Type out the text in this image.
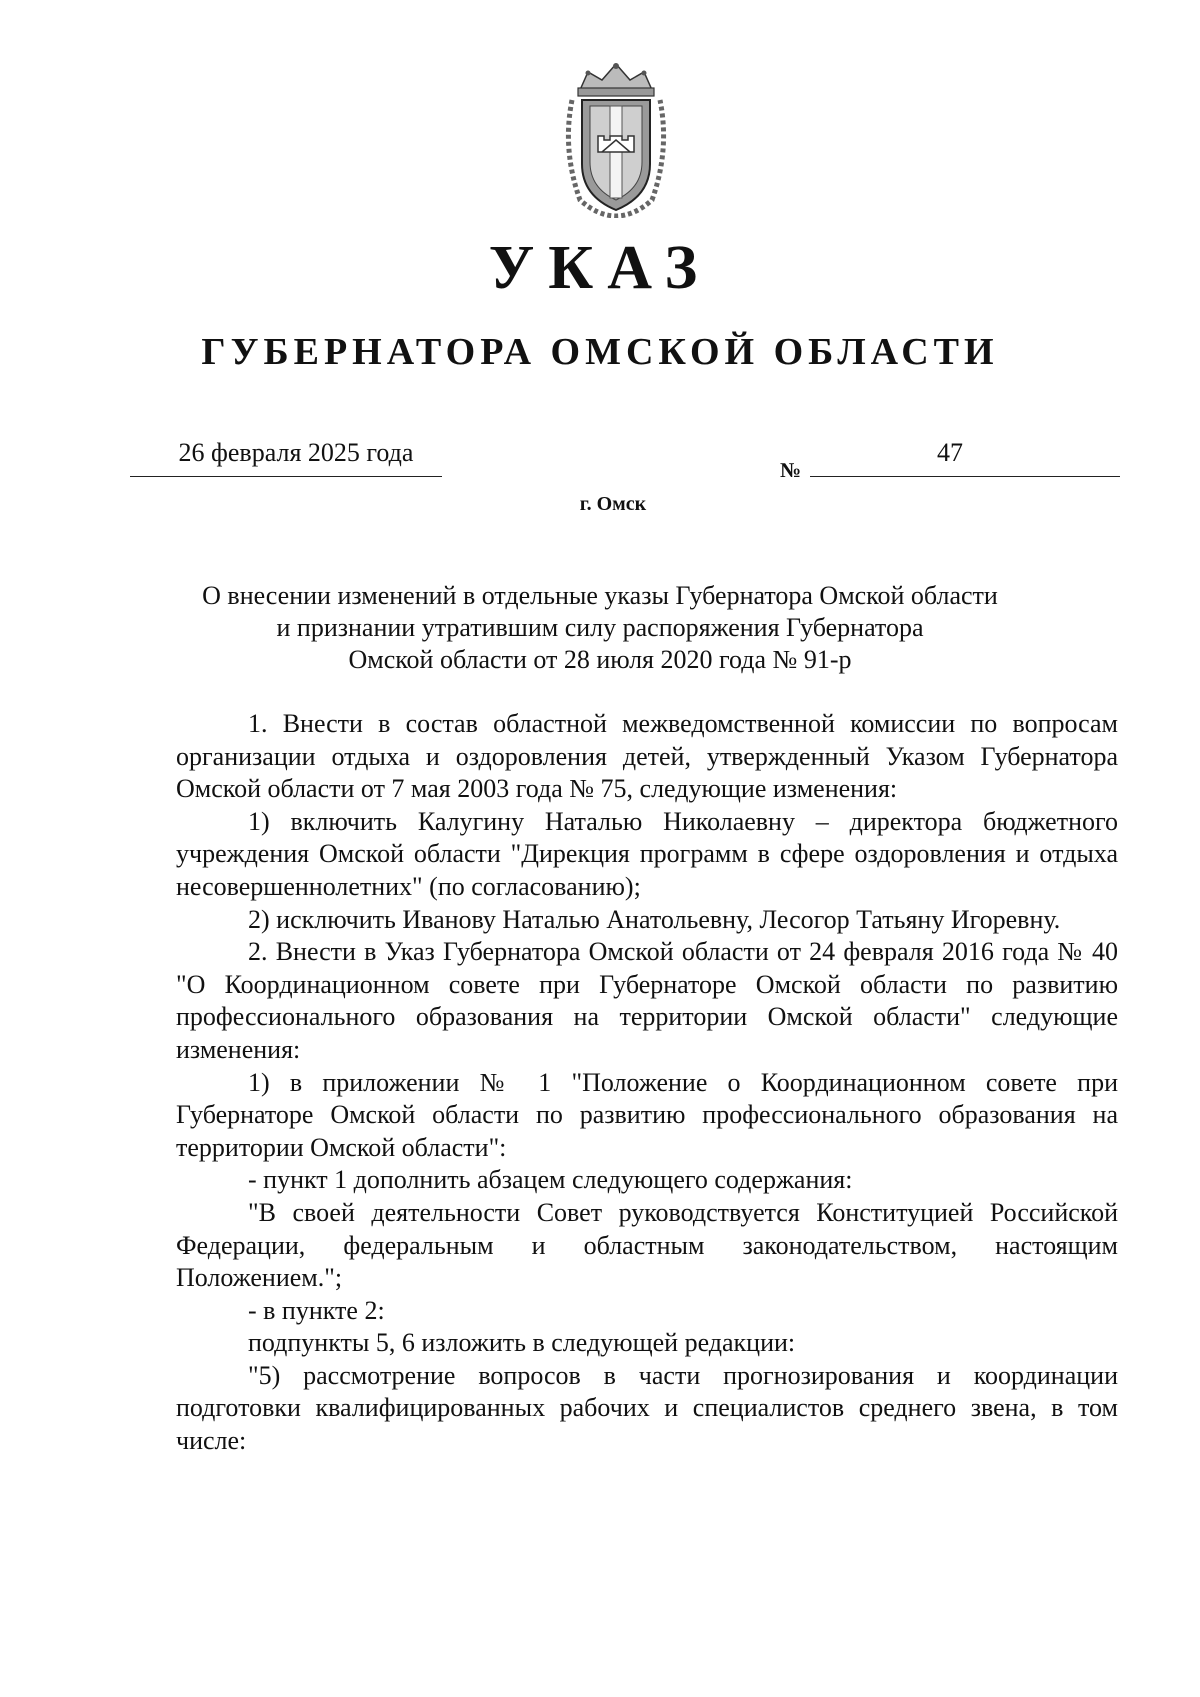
УКАЗ
ГУБЕРНАТОРА ОМСКОЙ ОБЛАСТИ
26 февраля 2025 года
№
47
г. Омск
О внесении изменений в отдельные указы Губернатора Омской области
и признании утратившим силу распоряжения Губернатора
Омской области от 28 июля 2020 года № 91-р

1. Внести в состав областной межведомственной комиссии по вопросам организации отдыха и оздоровления детей, утвержденный Указом Губернатора Омской области от 7 мая 2003 года № 75, следующие изменения:

1) включить Калугину Наталью Николаевну – директора бюджетного учреждения Омской области "Дирекция программ в сфере оздоровления и отдыха несовершеннолетних" (по согласованию);

2) исключить Иванову Наталью Анатольевну, Лесогор Татьяну Игоревну.

2. Внести в Указ Губернатора Омской области от 24 февраля 2016 года № 40 "О Координационном совете при Губернаторе Омской области по развитию профессионального образования на территории Омской области" следующие изменения:

1) в приложении № 1 "Положение о Координационном совете при Губернаторе Омской области по развитию профессионального образования на территории Омской области":

- пункт 1 дополнить абзацем следующего содержания:

"В своей деятельности Совет руководствуется Конституцией Российской Федерации, федеральным и областным законодательством, настоящим Положением.";

- в пункте 2:

подпункты 5, 6 изложить в следующей редакции:

"5) рассмотрение вопросов в части прогнозирования и координации подготовки квалифицированных рабочих и специалистов среднего звена, в том числе:
